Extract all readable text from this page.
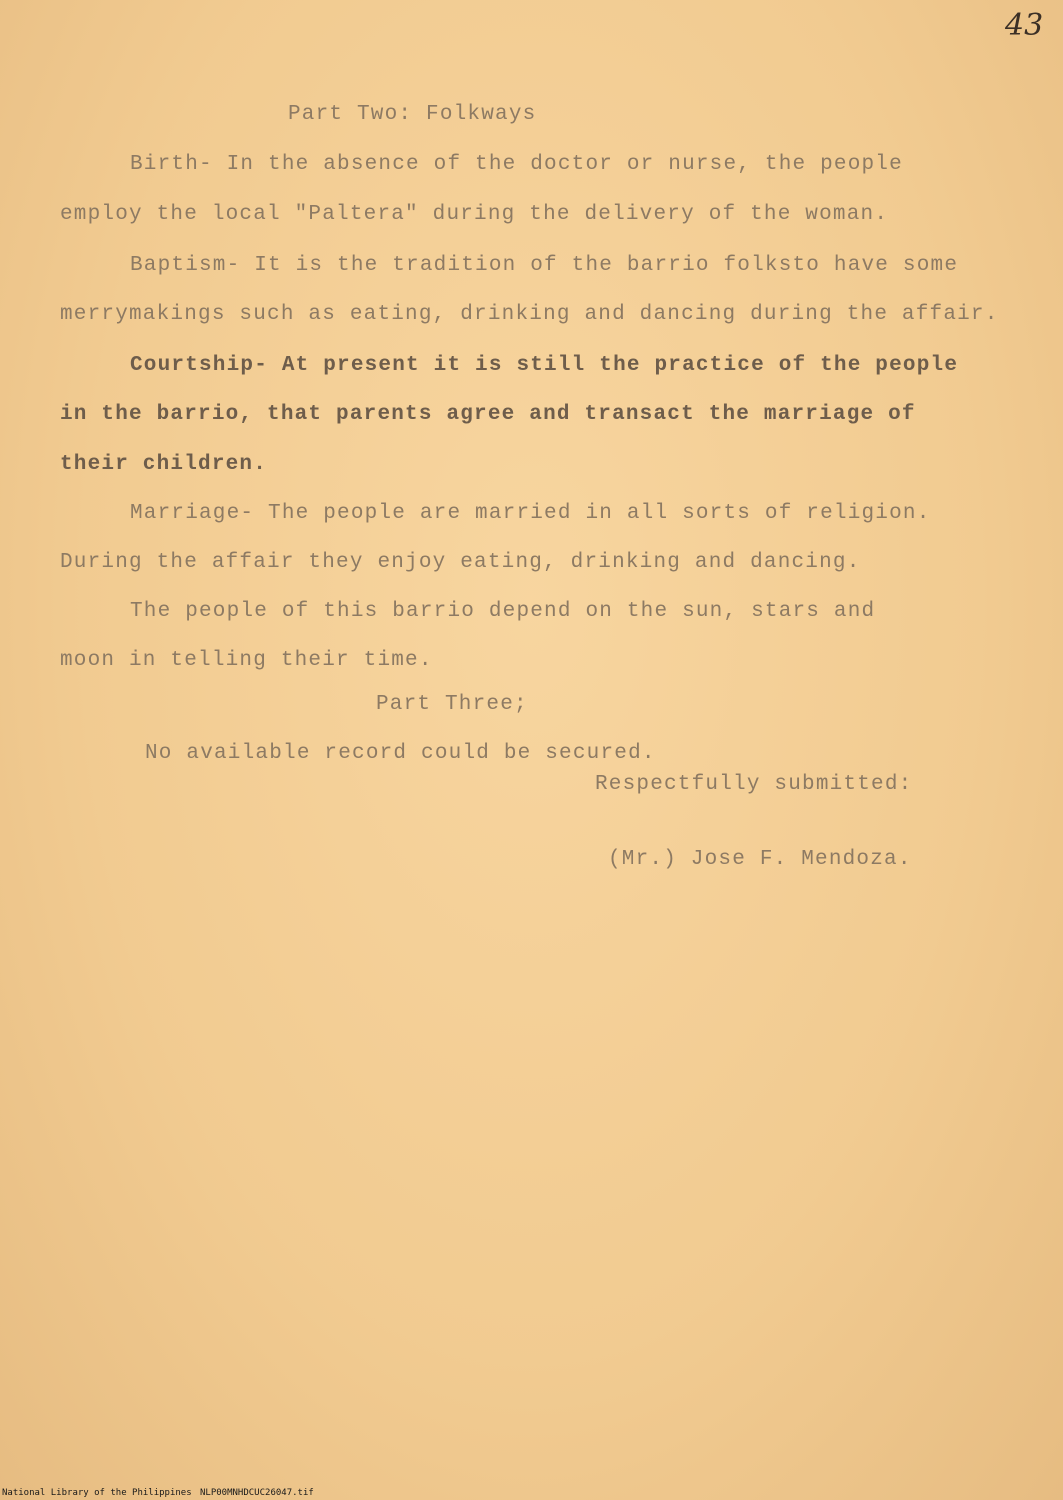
43
Part Two: Folkways
Birth- In the absence of the doctor or nurse, the people
employ the local "Paltera" during the delivery of the woman.
Baptism- It is the tradition of the barrio folksto have some
merrymakings such as eating, drinking and dancing during the affair.
Courtship- At present it is still the practice of the people
in the barrio, that parents agree and transact the marriage of
their children.
Marriage- The people are married in all sorts of religion.
During the affair they enjoy eating, drinking and dancing.
The people of this barrio depend on the sun, stars and
moon in telling their time.
Part Three;
No available record could be secured.
Respectfully submitted:
(Mr.) Jose F. Mendoza.
National Library of the Philippines NLP00MNHDCUC26047.tif
